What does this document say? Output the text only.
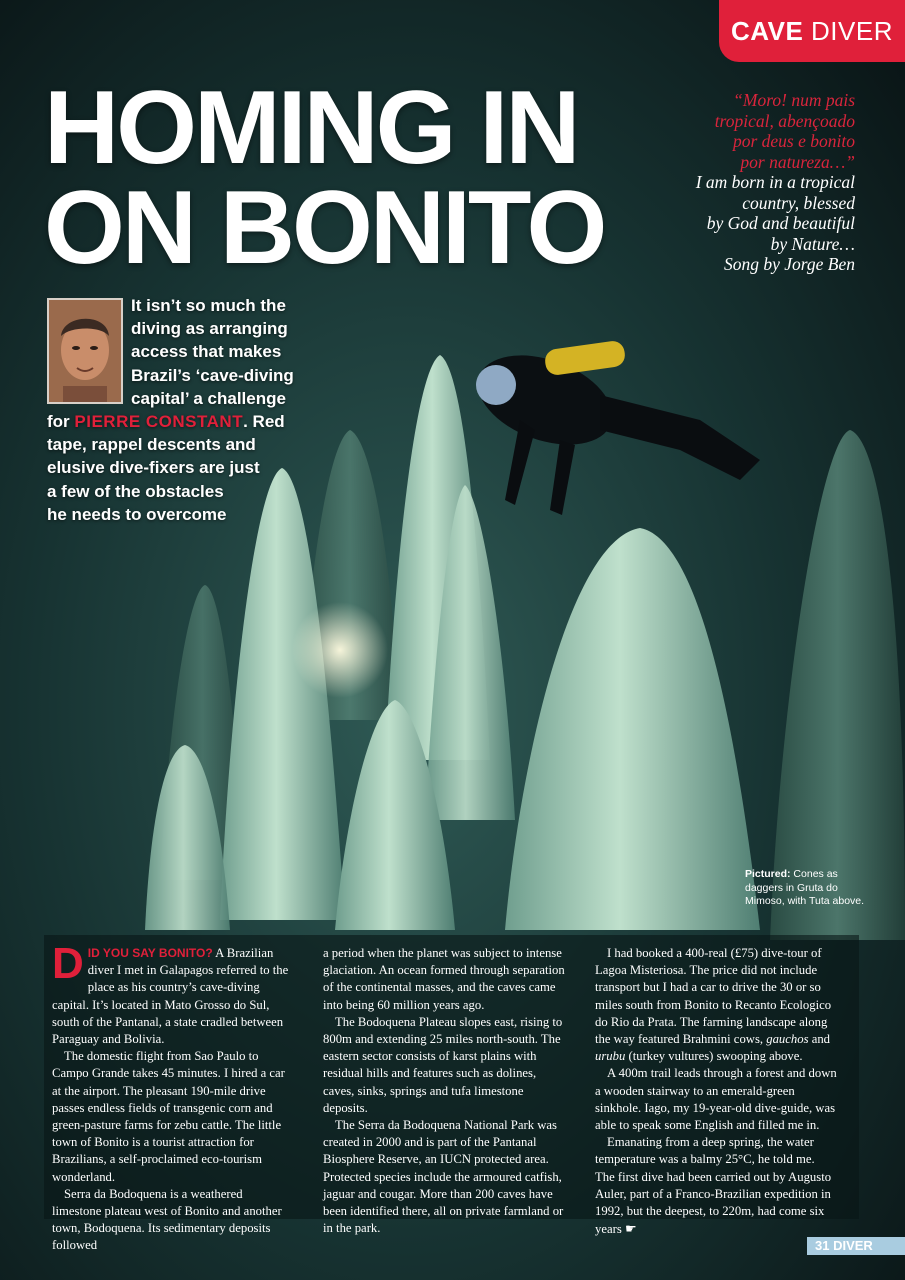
CAVE DIVER
HOMING IN
ON BONITO
“Moro! num pais
tropical, abençoado
por deus e bonito
por natureza…”
I am born in a tropical
country, blessed
by God and beautiful
by Nature…
Song by Jorge Ben
It isn’t so much the
diving as arranging
access that makes
Brazil’s ‘cave-diving
capital’ a challenge
for PIERRE CONSTANT. Red
tape, rappel descents and
elusive dive-fixers are just
a few of the obstacles
he needs to overcome
Pictured: Cones as daggers in Gruta do Mimoso, with Tuta above.

DID YOU SAY BONITO? A Brazilian diver I met in Galapagos referred to the place as his country’s cave-diving capital. It’s located in Mato Grosso do Sul, south of the Pantanal, a state cradled between Paraguay and Bolivia.

The domestic flight from Sao Paulo to Campo Grande takes 45 minutes. I hired a car at the airport. The pleasant 190-mile drive passes endless fields of transgenic corn and green-pasture farms for zebu cattle. The little town of Bonito is a tourist attraction for Brazilians, a self-proclaimed eco-tourism wonderland.

Serra da Bodoquena is a weathered limestone plateau west of Bonito and another town, Bodoquena. Its sedimentary deposits followed

a period when the planet was subject to intense glaciation. An ocean formed through separation of the continental masses, and the caves came into being 60 million years ago.

The Bodoquena Plateau slopes east, rising to 800m and extending 25 miles north-south. The eastern sector consists of karst plains with residual hills and features such as dolines, caves, sinks, springs and tufa limestone deposits.

The Serra da Bodoquena National Park was created in 2000 and is part of the Pantanal Biosphere Reserve, an IUCN protected area. Protected species include the armoured catfish, jaguar and cougar. More than 200 caves have been identified there, all on private farmland or in the park.

I had booked a 400-real (£75) dive-tour of Lagoa Misteriosa. The price did not include transport but I had a car to drive the 30 or so miles south from Bonito to Recanto Ecologico do Rio da Prata. The farming landscape along the way featured Brahmini cows, gauchos and urubu (turkey vultures) swooping above.

A 400m trail leads through a forest and down a wooden stairway to an emerald-green sinkhole. Iago, my 19-year-old dive-guide, was able to speak some English and filled me in.

Emanating from a deep spring, the water temperature was a balmy 25°C, he told me. The first dive had been carried out by Augusto Auler, part of a Franco-Brazilian expedition in 1992, but the deepest, to 220m, had come six years ☛

31 DIVER
